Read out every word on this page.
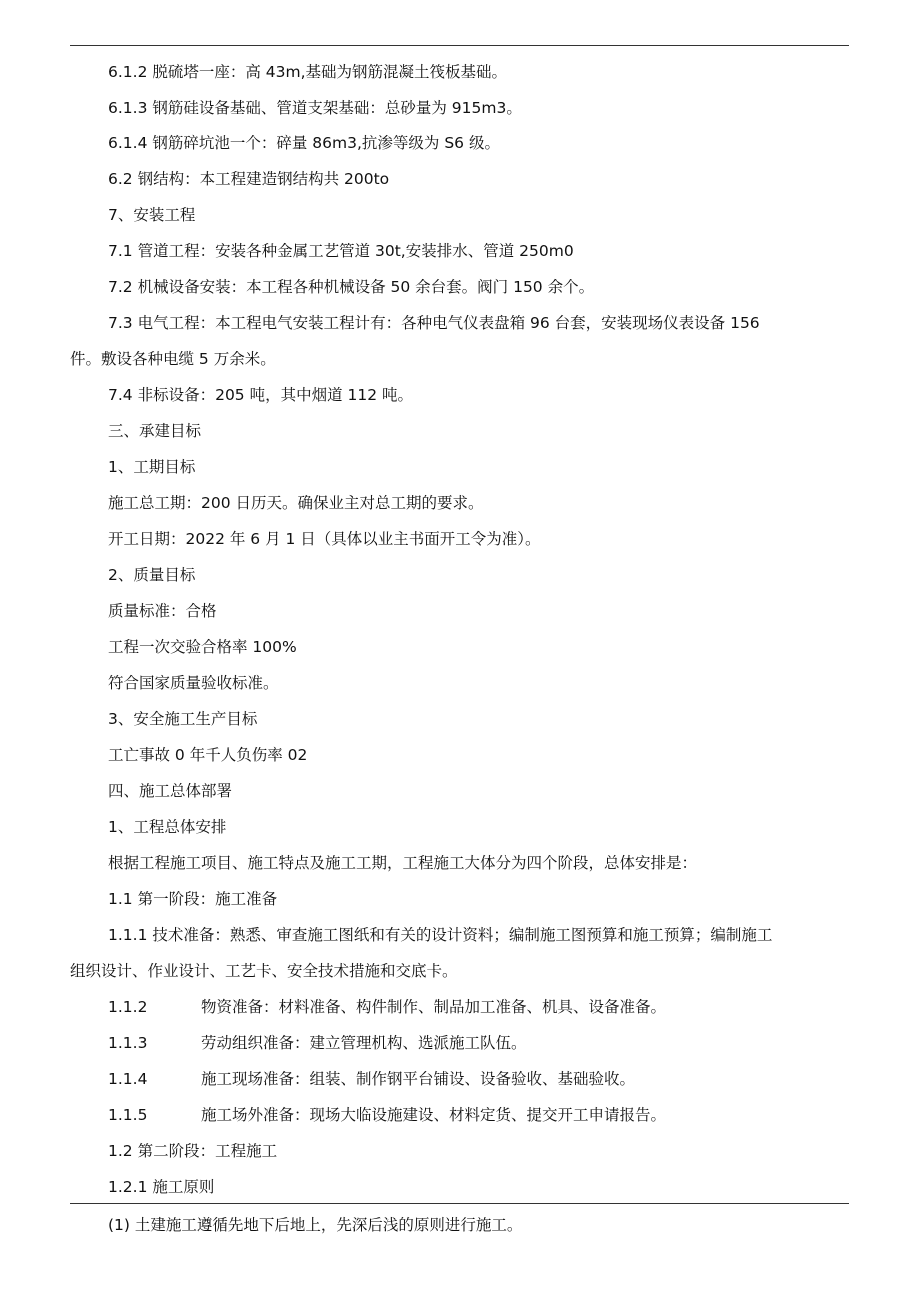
6.1.2 脱硫塔一座：高 43m,基础为钢筋混凝土筏板基础。
6.1.3 钢筋硅设备基础、管道支架基础：总砂量为 915m3。
6.1.4 钢筋碎坑池一个：碎量 86m3,抗渗等级为 S6 级。
6.2 钢结构：本工程建造钢结构共 200to
7、安装工程
7.1 管道工程：安装各种金属工艺管道 30t,安装排水、管道 250m0
7.2 机械设备安装：本工程各种机械设备 50 余台套。阀门 150 余个。
7.3 电气工程：本工程电气安装工程计有：各种电气仪表盘箱 96 台套，安装现场仪表设备 156
件。敷设各种电缆 5 万余米。
7.4 非标设备：205 吨，其中烟道 112 吨。
三、承建目标
1、工期目标
施工总工期：200 日历天。确保业主对总工期的要求。
开工日期：2022 年 6 月 1 日（具体以业主书面开工令为准）。
2、质量目标
质量标准：合格
工程一次交验合格率 100%
符合国家质量验收标准。
3、安全施工生产目标
工亡事故 0 年千人负伤率 02
四、施工总体部署
1、工程总体安排
根据工程施工项目、施工特点及施工工期，工程施工大体分为四个阶段，总体安排是：
1.1 第一阶段：施工准备
1.1.1 技术准备：熟悉、审查施工图纸和有关的设计资料；编制施工图预算和施工预算；编制施工
组织设计、作业设计、工艺卡、安全技术措施和交底卡。
1.1.2	物资准备：材料准备、构件制作、制品加工准备、机具、设备准备。
1.1.3	劳动组织准备：建立管理机构、选派施工队伍。
1.1.4	施工现场准备：组装、制作钢平台铺设、设备验收、基础验收。
1.1.5	施工场外准备：现场大临设施建设、材料定货、提交开工申请报告。
1.2 第二阶段：工程施工
1.2.1 施工原则
(1) 土建施工遵循先地下后地上，先深后浅的原则进行施工。
